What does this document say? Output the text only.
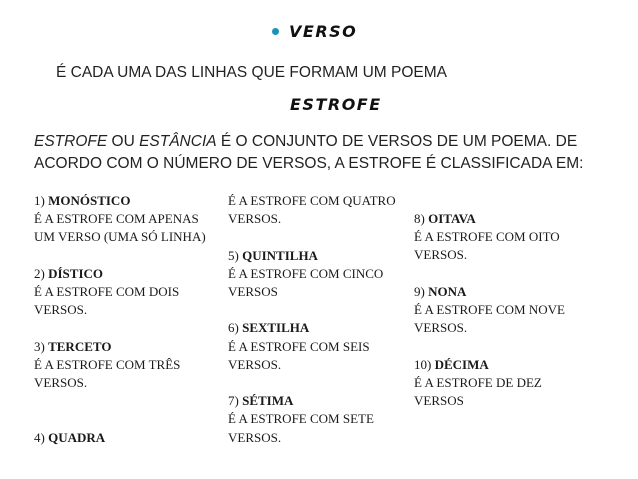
VERSO
É CADA UMA DAS LINHAS QUE FORMAM UM POEMA
ESTROFE
ESTROFE OU ESTÂNCIA É O CONJUNTO DE VERSOS DE UM POEMA. DE ACORDO COM O NÚMERO DE VERSOS, A ESTROFE É CLASSIFICADA EM:
1) MONÓSTICO
É A ESTROFE COM APENAS
UM VERSO (UMA SÓ LINHA)
2) DÍSTICO
É A ESTROFE COM DOIS
VERSOS.
3) TERCETO
É A ESTROFE COM TRÊS
VERSOS.
4) QUADRA
É A ESTROFE COM QUATRO
VERSOS.
5) QUINTILHA
É A ESTROFE COM CINCO
VERSOS
6) SEXTILHA
É A ESTROFE COM SEIS
VERSOS.
7) SÉTIMA
É A ESTROFE COM SETE
VERSOS.
8) OITAVA
É A ESTROFE COM OITO
VERSOS.
9) NONA
É A ESTROFE COM NOVE
VERSOS.
10) DÉCIMA
É A ESTROFE DE DEZ
VERSOS
